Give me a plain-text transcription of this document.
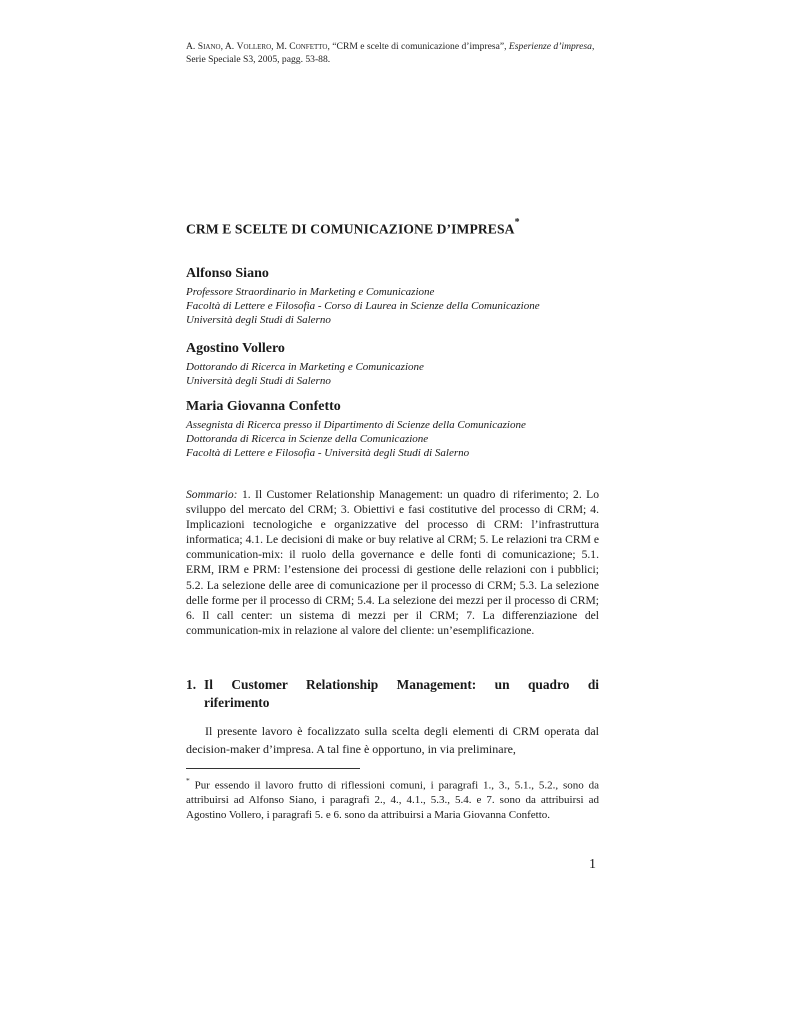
A. Siano, A. Vollero, M. Confetto, “CRM e scelte di comunicazione d’impresa”, Esperienze d’impresa, Serie Speciale S3, 2005, pagg. 53-88.
CRM E SCELTE DI COMUNICAZIONE D’IMPRESA*
Alfonso Siano
Professore Straordinario in Marketing e Comunicazione
Facoltà di Lettere e Filosofia - Corso di Laurea in Scienze della Comunicazione
Università degli Studi di Salerno
Agostino Vollero
Dottorando di Ricerca in Marketing e Comunicazione
Università degli Studi di Salerno
Maria Giovanna Confetto
Assegnista di Ricerca presso il Dipartimento di Scienze della Comunicazione
Dottoranda di Ricerca in Scienze della Comunicazione
Facoltà di Lettere e Filosofia - Università degli Studi di Salerno
Sommario: 1. Il Customer Relationship Management: un quadro di riferimento; 2. Lo sviluppo del mercato del CRM; 3. Obiettivi e fasi costitutive del processo di CRM; 4. Implicazioni tecnologiche e organizzative del processo di CRM: l’infrastruttura informatica; 4.1. Le decisioni di make or buy relative al CRM; 5. Le relazioni tra CRM e communication-mix: il ruolo della governance e delle fonti di comunicazione; 5.1. ERM, IRM e PRM: l’estensione dei processi di gestione delle relazioni con i pubblici; 5.2. La selezione delle aree di comunicazione per il processo di CRM; 5.3. La selezione delle forme per il processo di CRM; 5.4. La selezione dei mezzi per il processo di CRM; 6. Il call center: un sistema di mezzi per il CRM; 7. La differenziazione del communication-mix in relazione al valore del cliente: un’esemplificazione.
1. Il Customer Relationship Management: un quadro di
riferimento
Il presente lavoro è focalizzato sulla scelta degli elementi di CRM operata dal decision-maker d’impresa. A tal fine è opportuno, in via preliminare,
* Pur essendo il lavoro frutto di riflessioni comuni, i paragrafi 1., 3., 5.1., 5.2., sono da attribuirsi ad Alfonso Siano, i paragrafi 2., 4., 4.1., 5.3., 5.4. e 7. sono da attribuirsi ad Agostino Vollero, i paragrafi 5. e 6. sono da attribuirsi a Maria Giovanna Confetto.
1
